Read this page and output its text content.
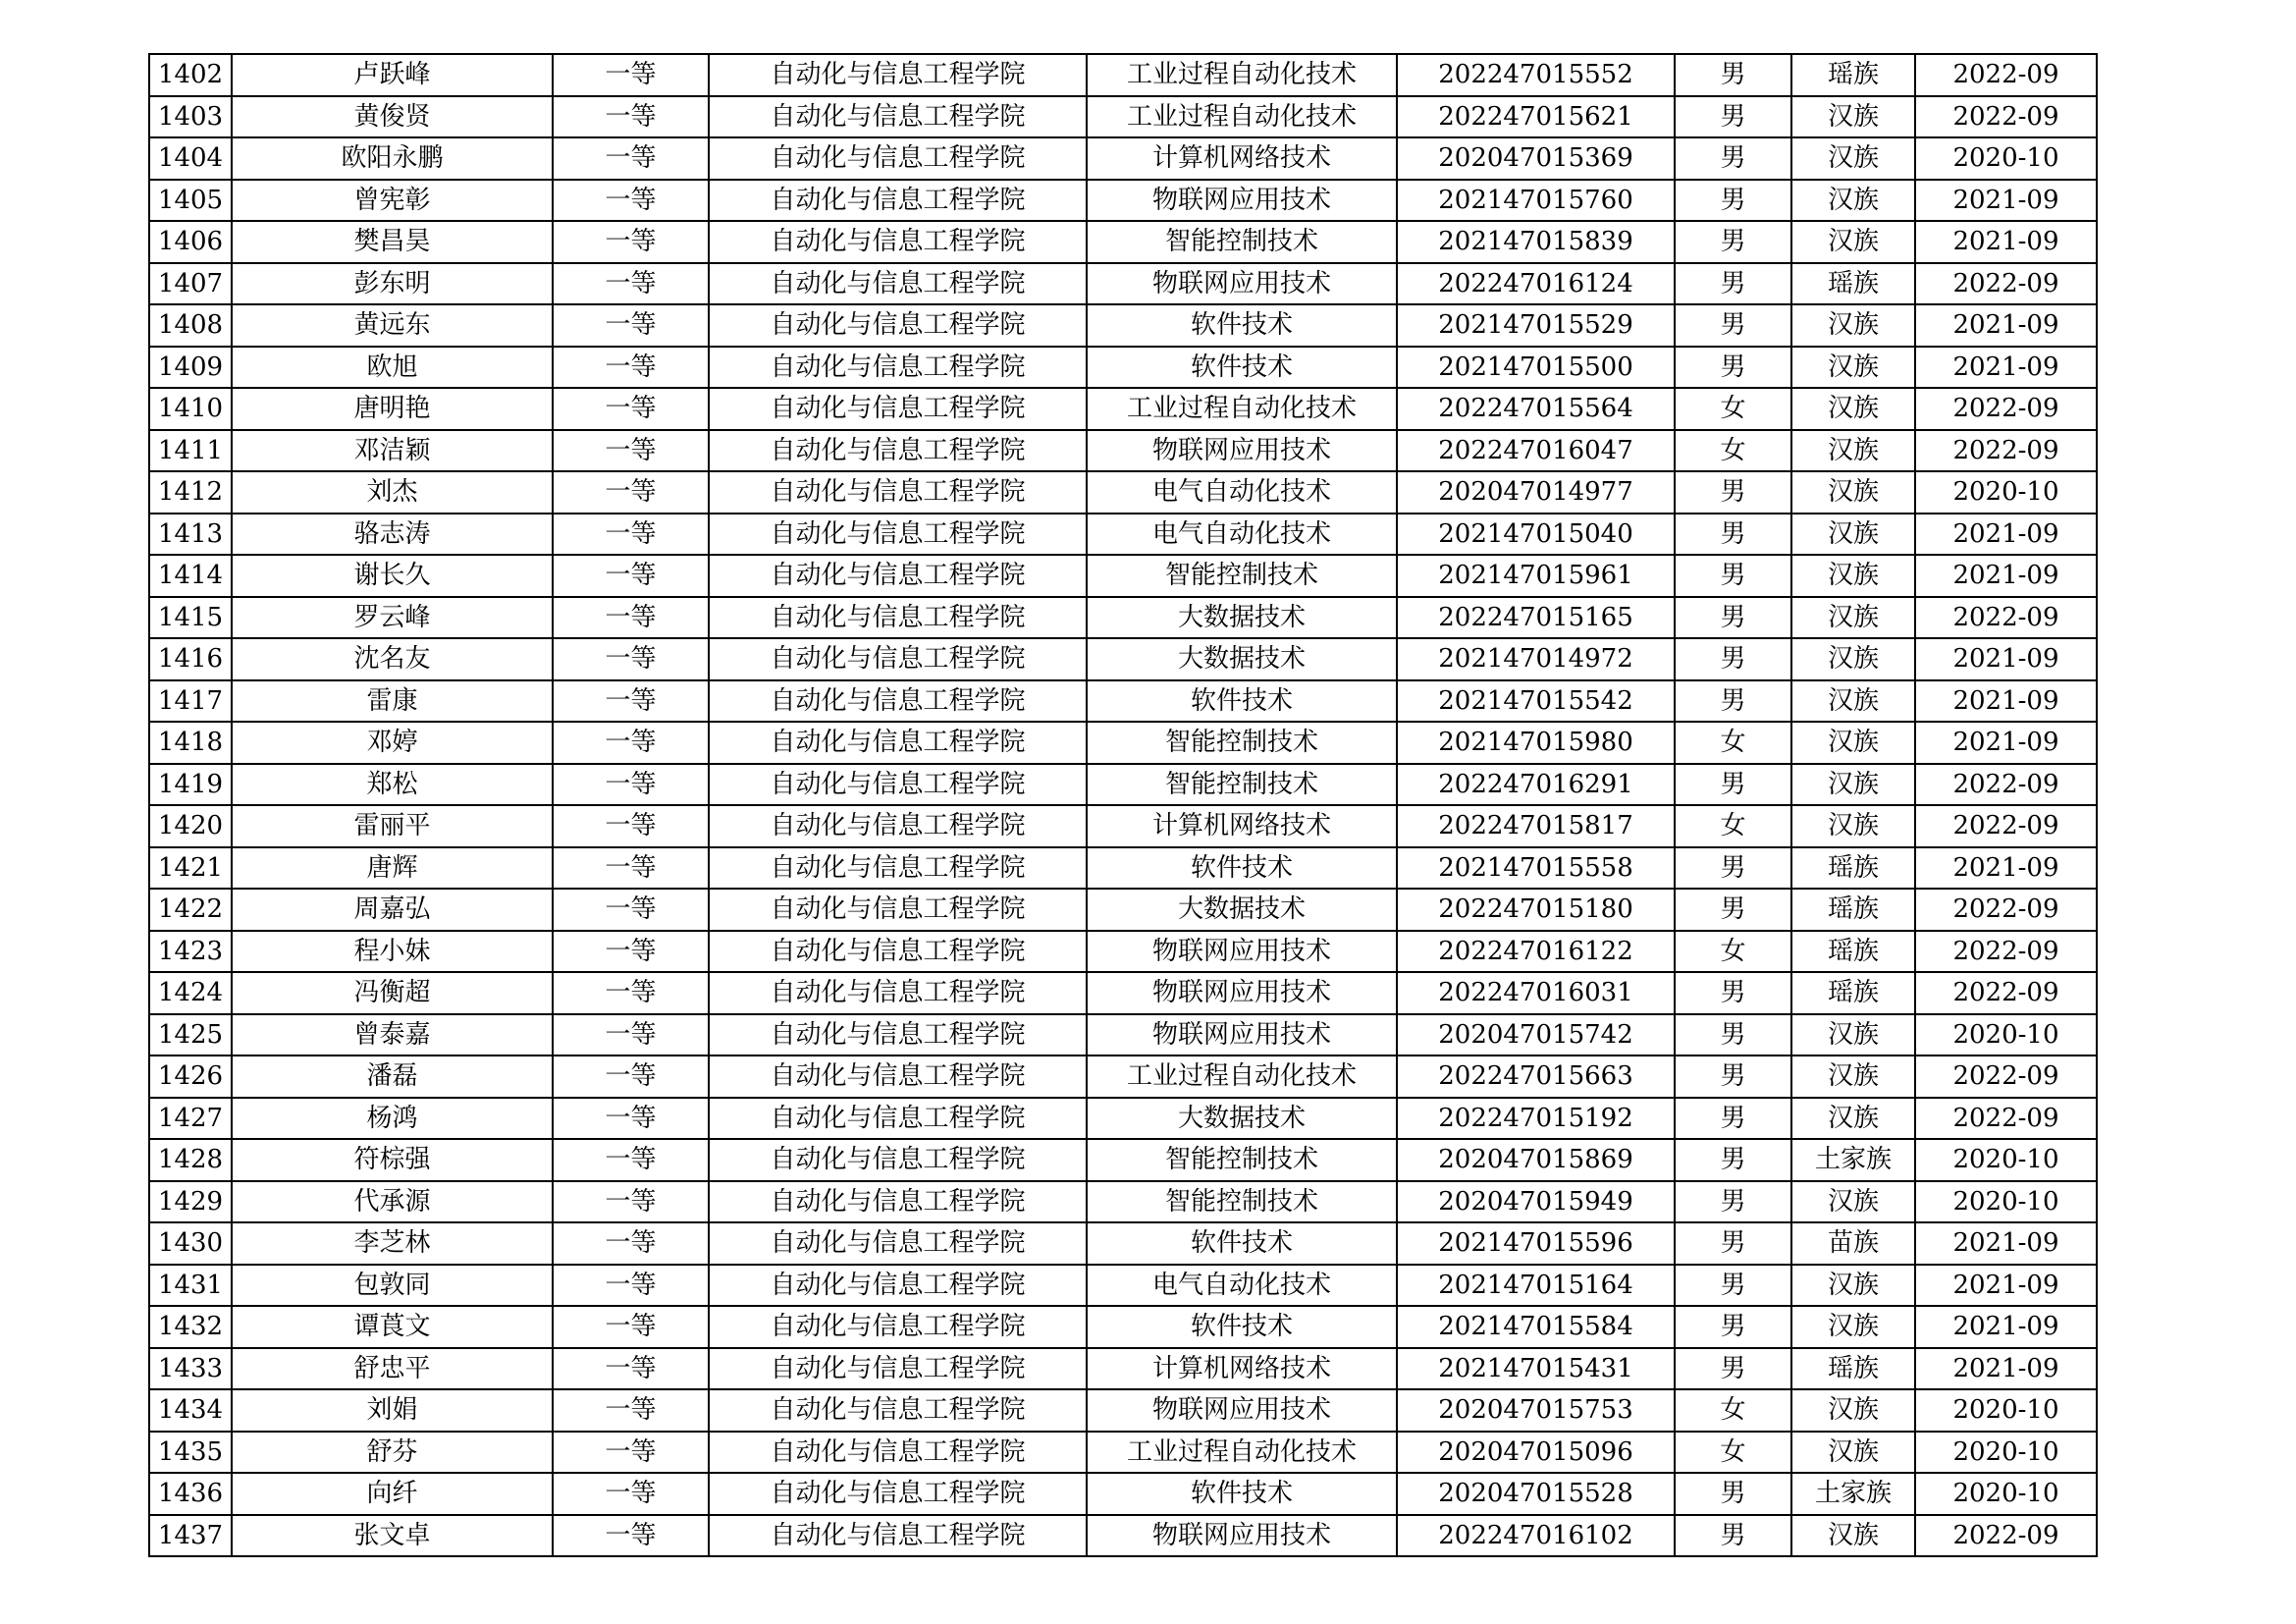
1402	卢跃峰	一等	自动化与信息工程学院	工业过程自动化技术	202247015552	男	瑶族	2022-09
1403	黄俊贤	一等	自动化与信息工程学院	工业过程自动化技术	202247015621	男	汉族	2022-09
1404	欧阳永鹏	一等	自动化与信息工程学院	计算机网络技术	202047015369	男	汉族	2020-10
1405	曾宪彰	一等	自动化与信息工程学院	物联网应用技术	202147015760	男	汉族	2021-09
1406	樊昌昊	一等	自动化与信息工程学院	智能控制技术	202147015839	男	汉族	2021-09
1407	彭东明	一等	自动化与信息工程学院	物联网应用技术	202247016124	男	瑶族	2022-09
1408	黄远东	一等	自动化与信息工程学院	软件技术	202147015529	男	汉族	2021-09
1409	欧旭	一等	自动化与信息工程学院	软件技术	202147015500	男	汉族	2021-09
1410	唐明艳	一等	自动化与信息工程学院	工业过程自动化技术	202247015564	女	汉族	2022-09
1411	邓洁颖	一等	自动化与信息工程学院	物联网应用技术	202247016047	女	汉族	2022-09
1412	刘杰	一等	自动化与信息工程学院	电气自动化技术	202047014977	男	汉族	2020-10
1413	骆志涛	一等	自动化与信息工程学院	电气自动化技术	202147015040	男	汉族	2021-09
1414	谢长久	一等	自动化与信息工程学院	智能控制技术	202147015961	男	汉族	2021-09
1415	罗云峰	一等	自动化与信息工程学院	大数据技术	202247015165	男	汉族	2022-09
1416	沈名友	一等	自动化与信息工程学院	大数据技术	202147014972	男	汉族	2021-09
1417	雷康	一等	自动化与信息工程学院	软件技术	202147015542	男	汉族	2021-09
1418	邓婷	一等	自动化与信息工程学院	智能控制技术	202147015980	女	汉族	2021-09
1419	郑松	一等	自动化与信息工程学院	智能控制技术	202247016291	男	汉族	2022-09
1420	雷丽平	一等	自动化与信息工程学院	计算机网络技术	202247015817	女	汉族	2022-09
1421	唐辉	一等	自动化与信息工程学院	软件技术	202147015558	男	瑶族	2021-09
1422	周嘉弘	一等	自动化与信息工程学院	大数据技术	202247015180	男	瑶族	2022-09
1423	程小妹	一等	自动化与信息工程学院	物联网应用技术	202247016122	女	瑶族	2022-09
1424	冯衡超	一等	自动化与信息工程学院	物联网应用技术	202247016031	男	瑶族	2022-09
1425	曾泰嘉	一等	自动化与信息工程学院	物联网应用技术	202047015742	男	汉族	2020-10
1426	潘磊	一等	自动化与信息工程学院	工业过程自动化技术	202247015663	男	汉族	2022-09
1427	杨鸿	一等	自动化与信息工程学院	大数据技术	202247015192	男	汉族	2022-09
1428	符棕强	一等	自动化与信息工程学院	智能控制技术	202047015869	男	土家族	2020-10
1429	代承源	一等	自动化与信息工程学院	智能控制技术	202047015949	男	汉族	2020-10
1430	李芝林	一等	自动化与信息工程学院	软件技术	202147015596	男	苗族	2021-09
1431	包敦同	一等	自动化与信息工程学院	电气自动化技术	202147015164	男	汉族	2021-09
1432	谭莨文	一等	自动化与信息工程学院	软件技术	202147015584	男	汉族	2021-09
1433	舒忠平	一等	自动化与信息工程学院	计算机网络技术	202147015431	男	瑶族	2021-09
1434	刘娟	一等	自动化与信息工程学院	物联网应用技术	202047015753	女	汉族	2020-10
1435	舒芬	一等	自动化与信息工程学院	工业过程自动化技术	202047015096	女	汉族	2020-10
1436	向纤	一等	自动化与信息工程学院	软件技术	202047015528	男	土家族	2020-10
1437	张文卓	一等	自动化与信息工程学院	物联网应用技术	202247016102	男	汉族	2022-09
